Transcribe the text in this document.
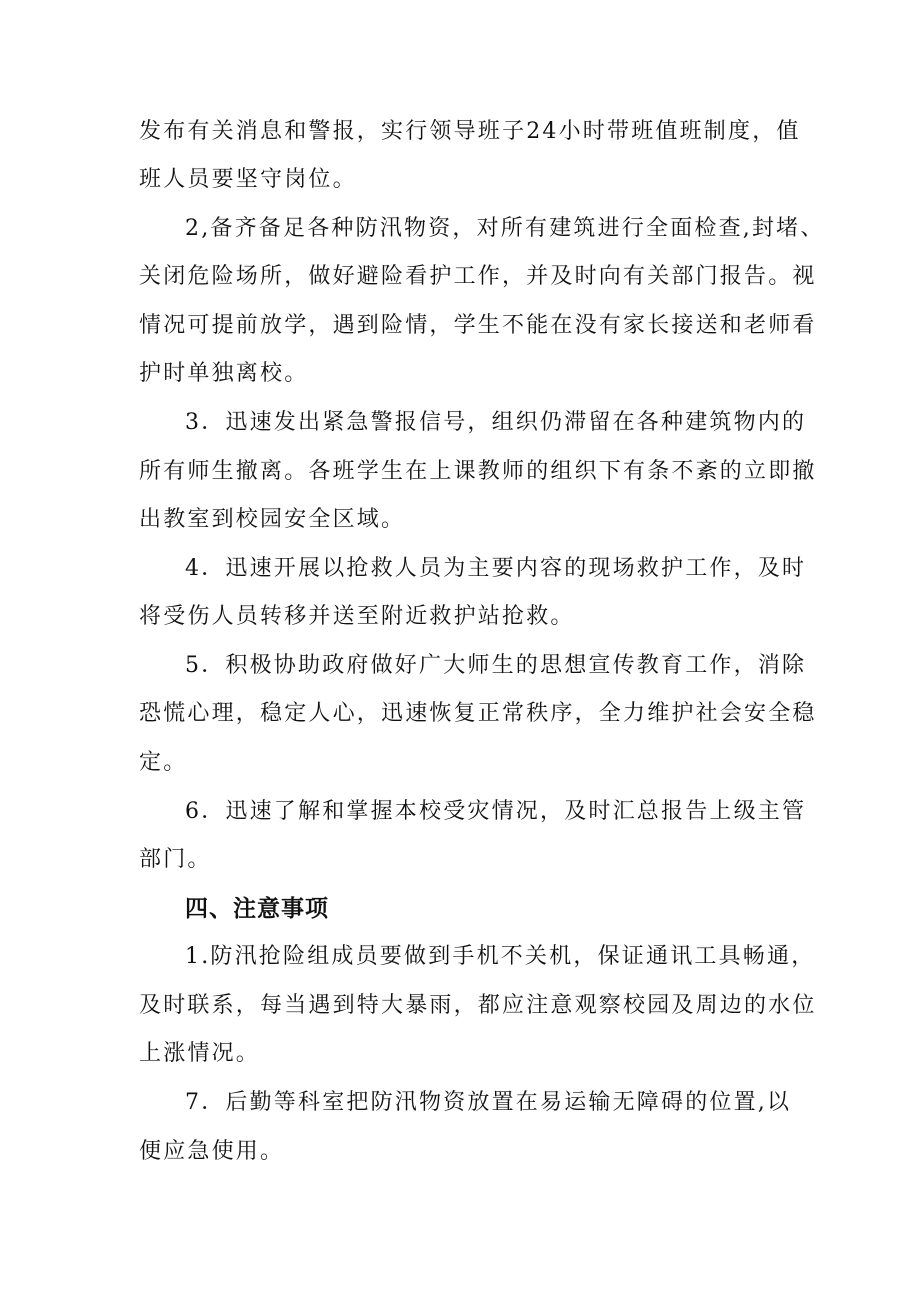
发布有关消息和警报，实行领导班子24小时带班值班制度，值
班人员要坚守岗位。
2,备齐备足各种防汛物资，对所有建筑进行全面检查,封堵、
关闭危险场所，做好避险看护工作，并及时向有关部门报告。视
情况可提前放学，遇到险情，学生不能在没有家长接送和老师看
护时单独离校。
3．迅速发出紧急警报信号，组织仍滞留在各种建筑物内的
所有师生撤离。各班学生在上课教师的组织下有条不紊的立即撤
出教室到校园安全区域。
4．迅速开展以抢救人员为主要内容的现场救护工作，及时
将受伤人员转移并送至附近救护站抢救。
5．积极协助政府做好广大师生的思想宣传教育工作，消除
恐慌心理，稳定人心，迅速恢复正常秩序，全力维护社会安全稳
定。
6．迅速了解和掌握本校受灾情况，及时汇总报告上级主管
部门。
四、注意事项
1.防汛抢险组成员要做到手机不关机，保证通讯工具畅通，
及时联系，每当遇到特大暴雨，都应注意观察校园及周边的水位
上涨情况。
7．后勤等科室把防汛物资放置在易运输无障碍的位置,以
便应急使用。
